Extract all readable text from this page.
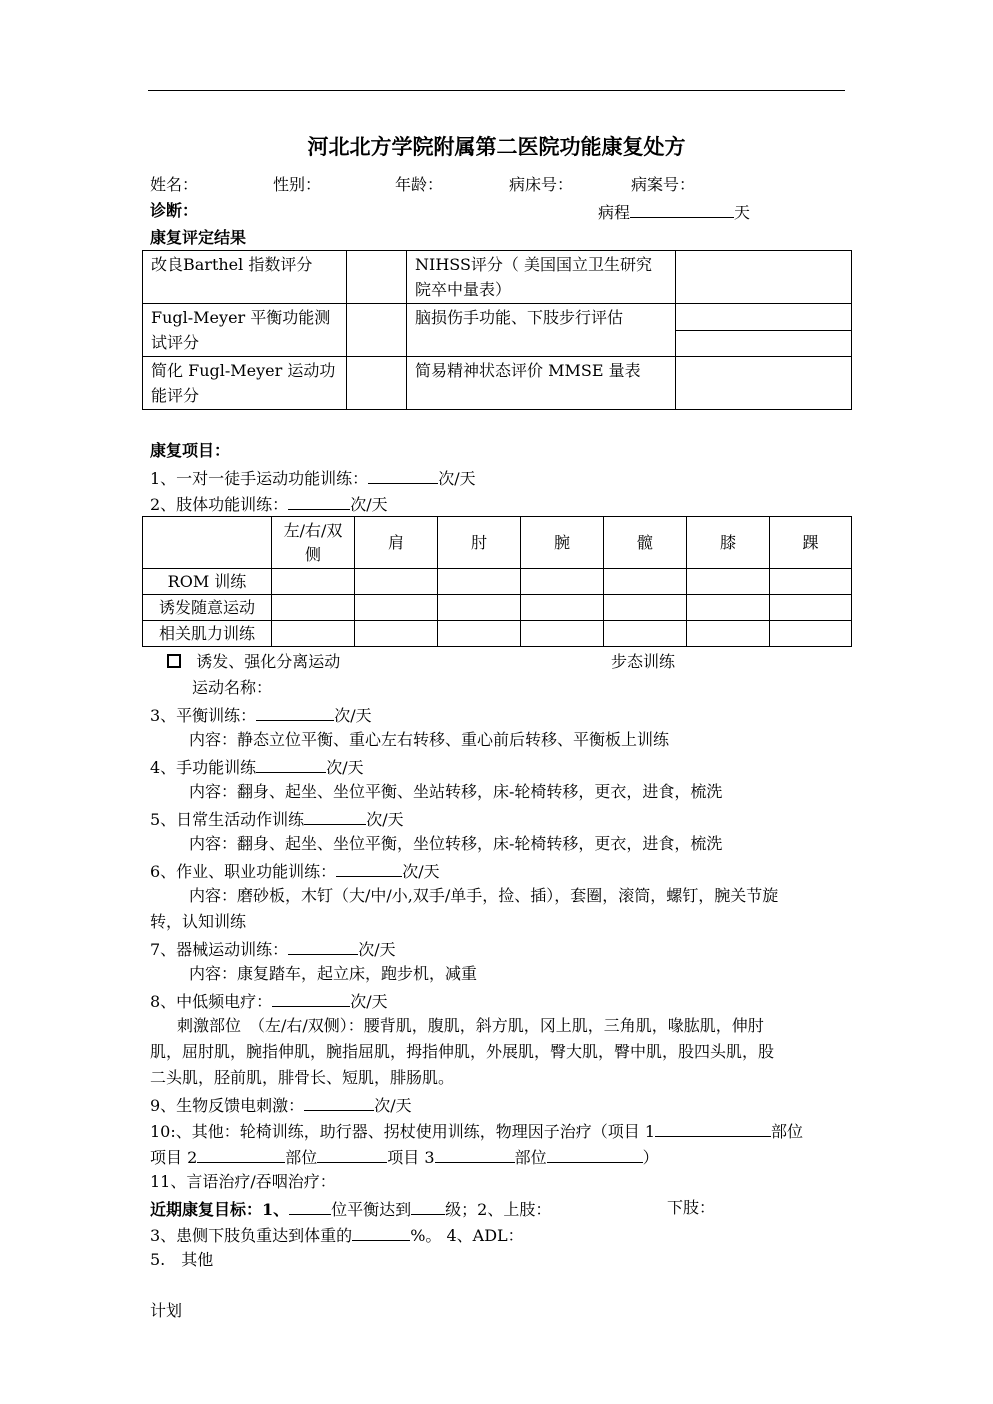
河北北方学院附属第二医院功能康复处方
姓名：	性别：	年龄：	病床号：	病案号：
诊断：	病程	天
康复评定结果
改良Barthel 指数评分		NIHSS评分（ 美国国立卫生研究院卒中量表）	
Fugl-Meyer 平衡功能测试评分		脑损伤手功能、下肢步行评估	

简化 Fugl-Meyer 运动功能评分		简易精神状态评价 MMSE 量表	
康复项目：
1、一对一徒手运动功能训练：	次/天
2、肢体功能训练：	次/天
	左/右/双侧	肩	肘	腕	髋	膝	踝
ROM 训练							
诱发随意运动							
相关肌力训练							
诱发、强化分离运动	步态训练
运动名称：
3、平衡训练：	次/天
内容：静态立位平衡、重心左右转移、重心前后转移、平衡板上训练
4、手功能训练	次/天
内容：翻身、起坐、坐位平衡、坐站转移，床-轮椅转移，更衣，进食，梳洗
5、日常生活动作训练	次/天
内容：翻身、起坐、坐位平衡，坐位转移，床-轮椅转移，更衣，进食，梳洗
6、作业、职业功能训练：	次/天
内容：磨砂板，木钉（大/中/小,双手/单手，捡、插），套圈，滚筒，螺钉，腕关节旋
转，认知训练
7、器械运动训练：	次/天
内容：康复踏车，起立床，跑步机，减重
8、中低频电疗：	次/天
刺激部位　（左/右/双侧）：腰背肌，腹肌，斜方肌，冈上肌，三角肌，喙肱肌，伸肘
肌，屈肘肌，腕指伸肌，腕指屈肌，拇指伸肌，外展肌，臀大肌，臀中肌，股四头肌，股
二头肌，胫前肌，腓骨长、短肌，腓肠肌。
9、生物反馈电刺激：	次/天
10:、其他：轮椅训练，助行器、拐杖使用训练，物理因子治疗（项目 1	部位
项目 2	部位	项目 3	部位	）
11、言语治疗/吞咽治疗：
近期康复目标：1、	位平衡达到 级；2、上肢：	下肢：
3、患侧下肢负重达到体重的	%。 4、ADL：
5.　其他
计划
